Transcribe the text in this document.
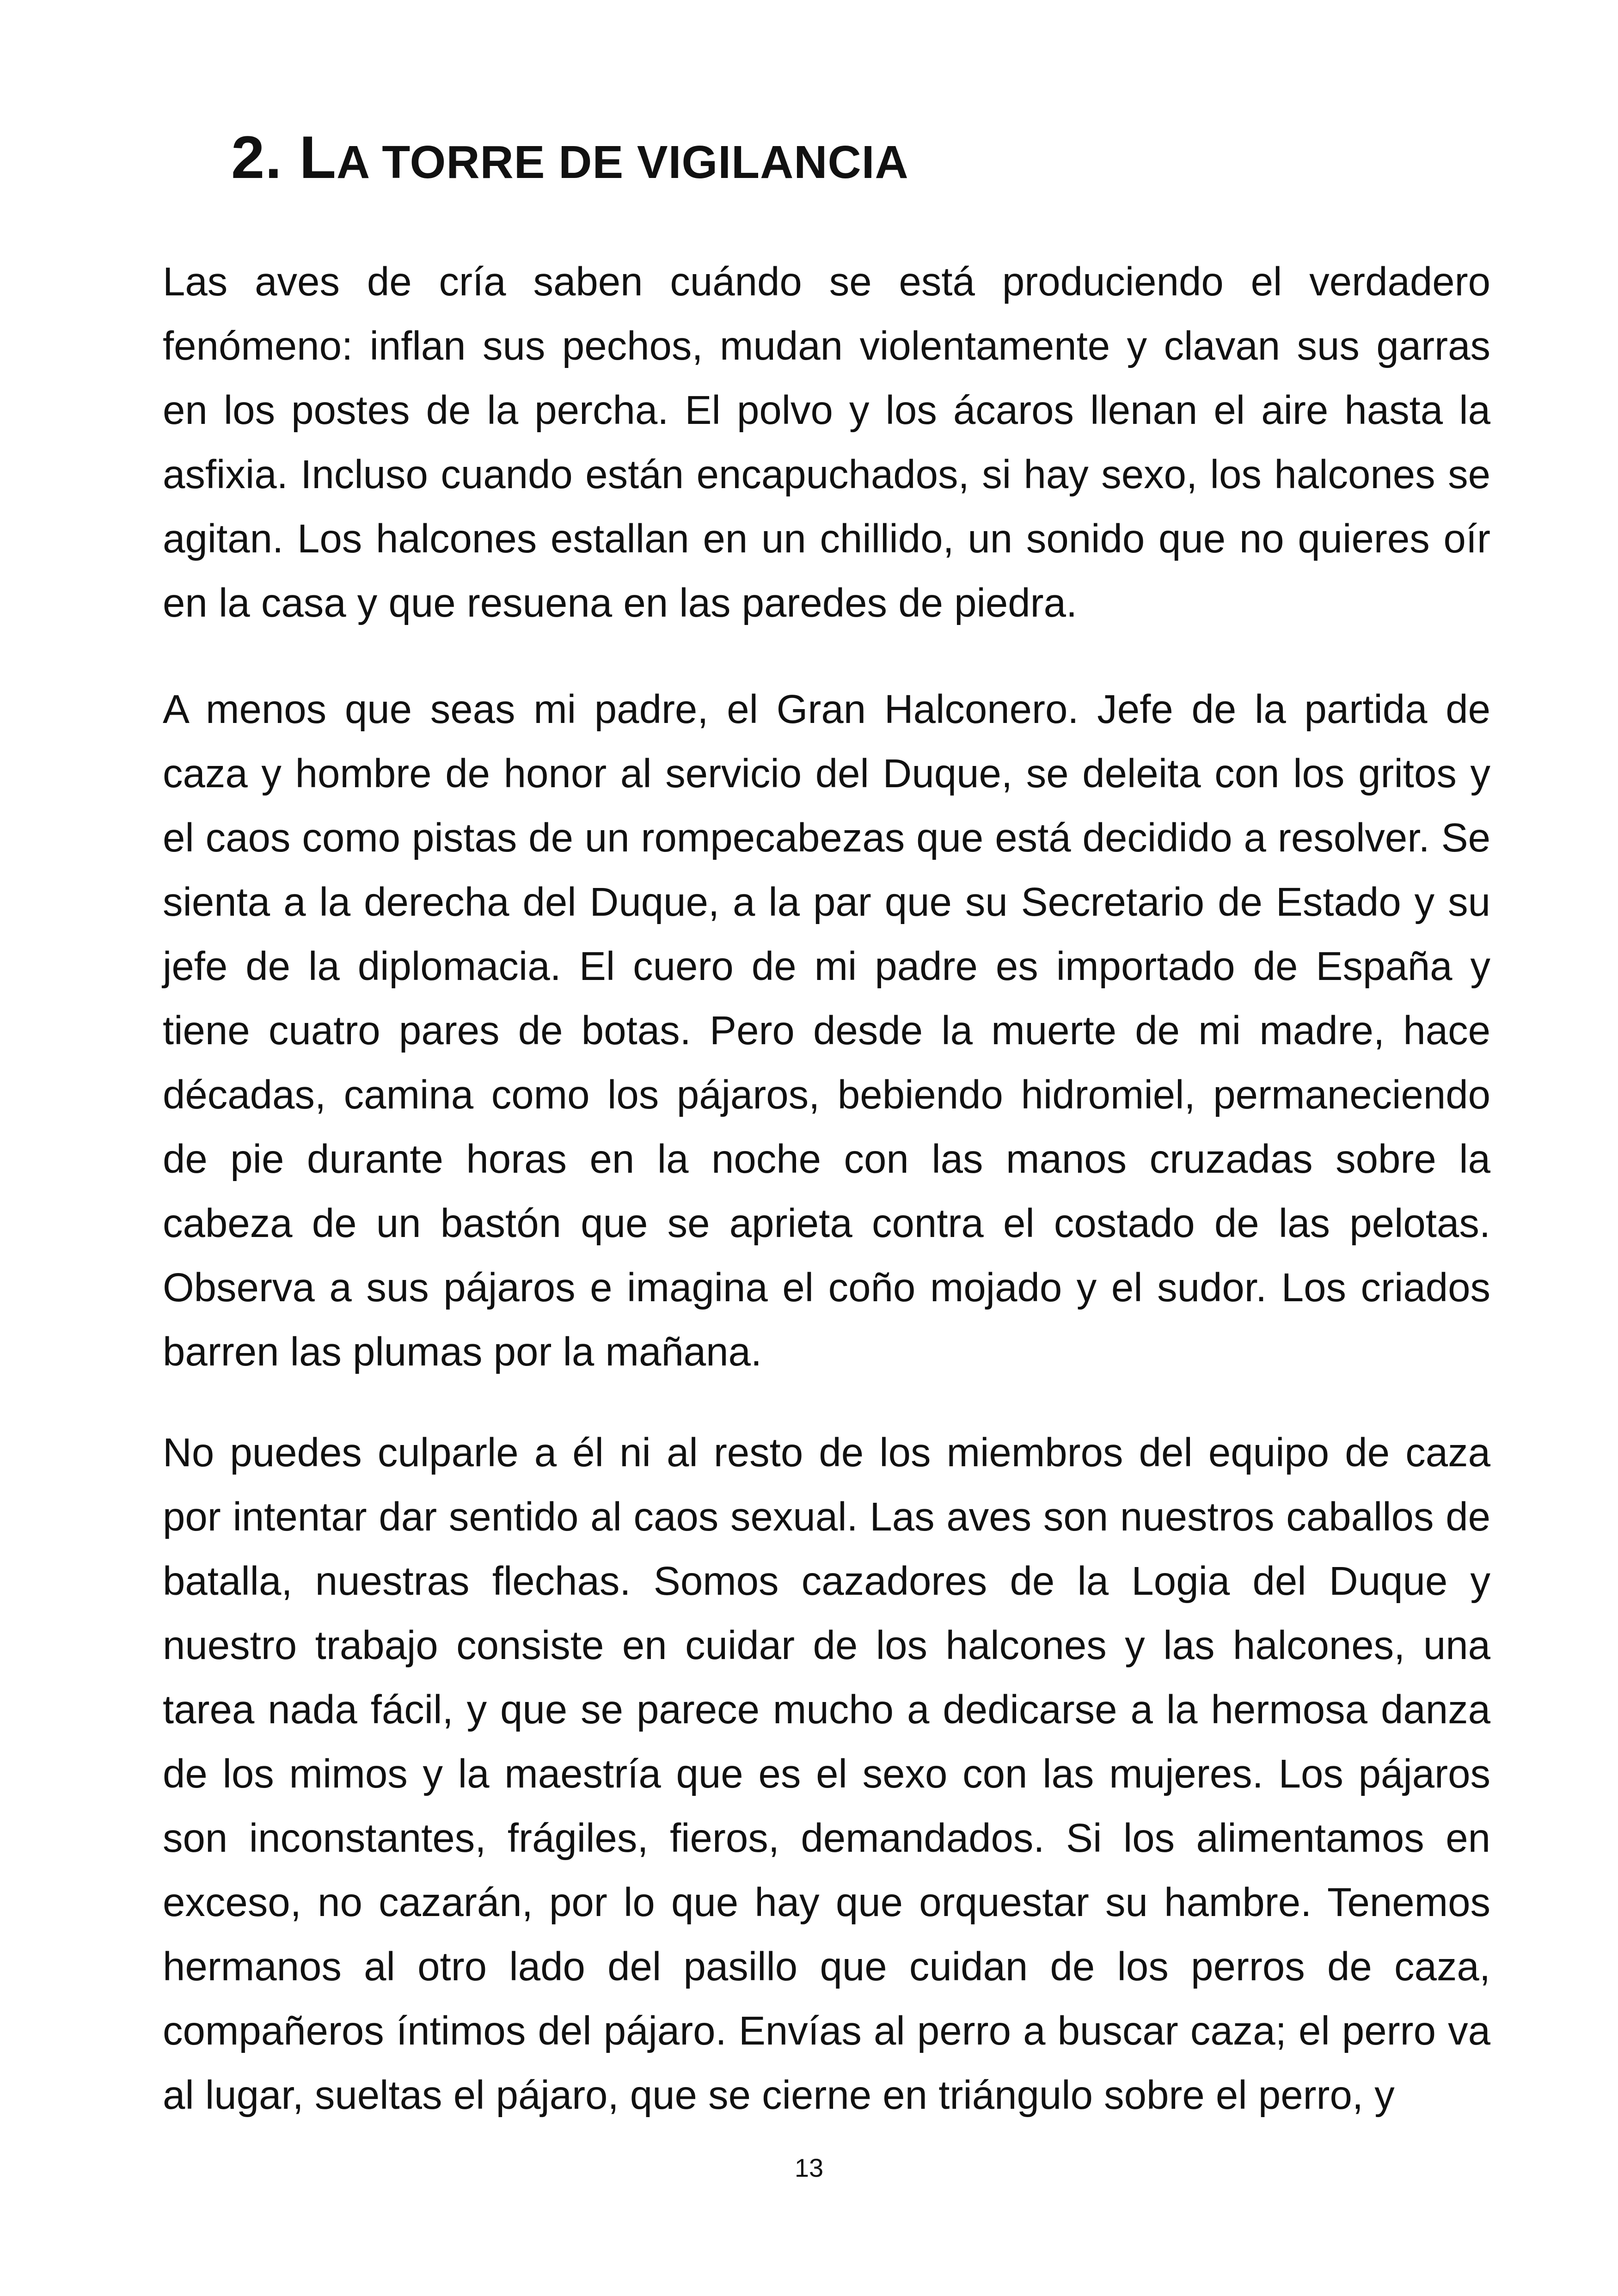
2. LA TORRE DE VIGILANCIA

Las aves de cría saben cuándo se está produciendo el verdadero fenómeno: inflan sus pechos, mudan violentamente y clavan sus garras en los postes de la percha. El polvo y los ácaros llenan el aire hasta la asfixia. Incluso cuando están encapuchados, si hay sexo, los halcones se agitan. Los halcones estallan en un chillido, un sonido que no quieres oír en la casa y que resuena en las paredes de piedra.

A menos que seas mi padre, el Gran Halconero. Jefe de la partida de caza y hombre de honor al servicio del Duque, se deleita con los gritos y el caos como pistas de un rompecabezas que está decidido a resolver. Se sienta a la derecha del Duque, a la par que su Secretario de Estado y su jefe de la diplomacia. El cuero de mi padre es importado de España y tiene cuatro pares de botas. Pero desde la muerte de mi madre, hace décadas, camina como los pájaros, bebiendo hidromiel, permaneciendo de pie durante horas en la noche con las manos cruzadas sobre la cabeza de un bastón que se aprieta contra el costado de las pelotas. Observa a sus pájaros e imagina el coño mojado y el sudor. Los criados barren las plumas por la mañana.

No puedes culparle a él ni al resto de los miembros del equipo de caza por intentar dar sentido al caos sexual. Las aves son nuestros caballos de batalla, nuestras flechas. Somos cazadores de la Logia del Duque y nuestro trabajo consiste en cuidar de los halcones y las halcones, una tarea nada fácil, y que se parece mucho a dedicarse a la hermosa danza de los mimos y la maestría que es el sexo con las mujeres. Los pájaros son inconstantes, frágiles, fieros, demandados. Si los alimentamos en exceso, no cazarán, por lo que hay que orquestar su hambre. Tenemos hermanos al otro lado del pasillo que cuidan de los perros de caza, compañeros íntimos del pájaro. Envías al perro a buscar caza; el perro va al lugar, sueltas el pájaro, que se cierne en triángulo sobre el perro, y

13
